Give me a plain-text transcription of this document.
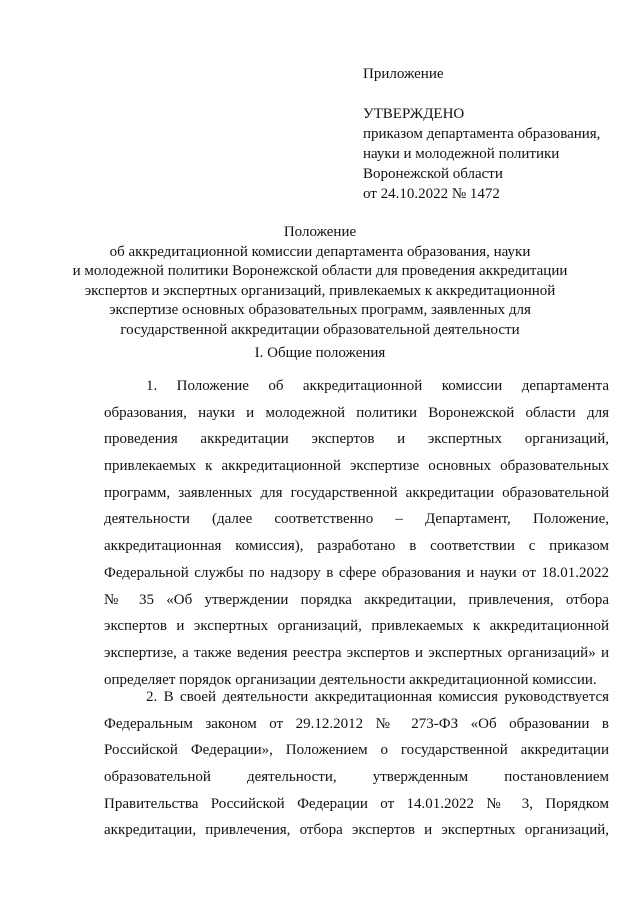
Приложение
УТВЕРЖДЕНО
приказом департамента образования,
науки и молодежной политики
Воронежской области
от 24.10.2022 № 1472
Положение
об аккредитационной комиссии департамента образования, науки
и молодежной политики Воронежской области для проведения аккредитации
экспертов и экспертных организаций, привлекаемых к аккредитационной
экспертизе основных образовательных программ, заявленных для
государственной аккредитации образовательной деятельности
I. Общие положения
1. Положение об аккредитационной комиссии департамента
образования, науки и молодежной политики Воронежской области для
проведения аккредитации экспертов и экспертных организаций,
привлекаемых к аккредитационной экспертизе основных образовательных
программ, заявленных для государственной аккредитации образовательной
деятельности (далее соответственно – Департамент, Положение,
аккредитационная комиссия), разработано в соответствии с приказом
Федеральной службы по надзору в сфере образования и науки от 18.01.2022
№ 35 «Об утверждении порядка аккредитации, привлечения, отбора
экспертов и экспертных организаций, привлекаемых к аккредитационной
экспертизе, а также ведения реестра экспертов и экспертных организаций» и
определяет порядок организации деятельности аккредитационной комиссии.
2. В своей деятельности аккредитационная комиссия руководствуется
Федеральным законом от 29.12.2012 № 273-ФЗ «Об образовании в
Российской Федерации», Положением о государственной аккредитации
образовательной деятельности, утвержденным постановлением
Правительства Российской Федерации от 14.01.2022 № 3, Порядком
аккредитации, привлечения, отбора экспертов и экспертных организаций,
